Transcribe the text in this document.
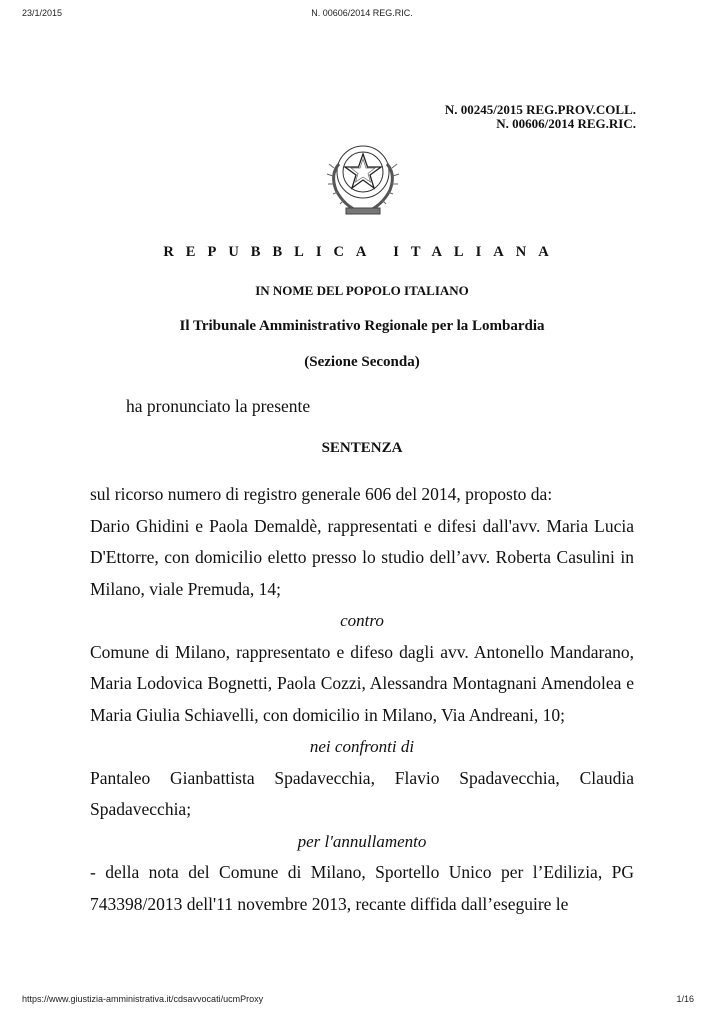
23/1/2015	N. 00606/2014 REG.RIC.
N. 00245/2015 REG.PROV.COLL.
N. 00606/2014 REG.RIC.
REPUBBLICA ITALIANA
IN NOME DEL POPOLO ITALIANO
Il Tribunale Amministrativo Regionale per la Lombardia
(Sezione Seconda)
ha pronunciato la presente
SENTENZA

sul ricorso numero di registro generale 606 del 2014, proposto da:

Dario Ghidini e Paola Demaldè, rappresentati e difesi dall'avv. Maria Lucia D'Ettorre, con domicilio eletto presso lo studio dell’avv. Roberta Casulini in Milano, viale Premuda, 14;

contro

Comune di Milano, rappresentato e difeso dagli avv. Antonello Mandarano, Maria Lodovica Bognetti, Paola Cozzi, Alessandra Montagnani Amendolea e Maria Giulia Schiavelli, con domicilio in Milano, Via Andreani, 10;

nei confronti di

Pantaleo Gianbattista Spadavecchia, Flavio Spadavecchia, Claudia Spadavecchia;

per l'annullamento

- della nota del Comune di Milano, Sportello Unico per l’Edilizia, PG 743398/2013 dell'11 novembre 2013, recante diffida dall’eseguire le

https://www.giustizia-amministrativa.it/cdsavvocati/ucmProxy	1/16
